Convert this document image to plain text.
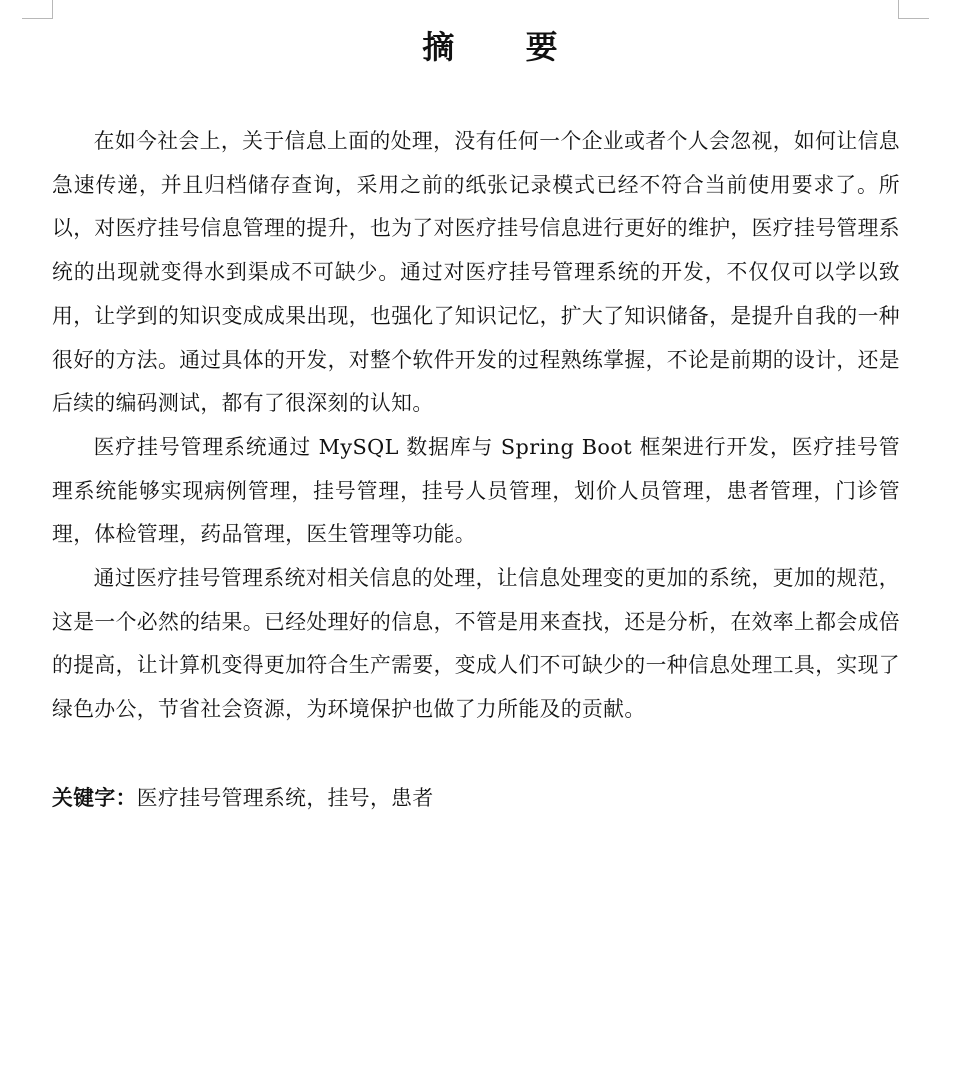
摘 要

在如今社会上，关于信息上面的处理，没有任何一个企业或者个人会忽视，如何让信息急速传递，并且归档储存查询，采用之前的纸张记录模式已经不符合当前使用要求了。所以，对医疗挂号信息管理的提升，也为了对医疗挂号信息进行更好的维护，医疗挂号管理系统的出现就变得水到渠成不可缺少。通过对医疗挂号管理系统的开发，不仅仅可以学以致用，让学到的知识变成成果出现，也强化了知识记忆，扩大了知识储备，是提升自我的一种很好的方法。通过具体的开发，对整个软件开发的过程熟练掌握，不论是前期的设计，还是后续的编码测试，都有了很深刻的认知。

医疗挂号管理系统通过 MySQL 数据库与 Spring Boot 框架进行开发，医疗挂号管理系统能够实现病例管理，挂号管理，挂号人员管理，划价人员管理，患者管理，门诊管理，体检管理，药品管理，医生管理等功能。

通过医疗挂号管理系统对相关信息的处理，让信息处理变的更加的系统，更加的规范，这是一个必然的结果。已经处理好的信息，不管是用来查找，还是分析，在效率上都会成倍的提高，让计算机变得更加符合生产需要，变成人们不可缺少的一种信息处理工具，实现了绿色办公，节省社会资源，为环境保护也做了力所能及的贡献。

关键字：医疗挂号管理系统，挂号，患者
